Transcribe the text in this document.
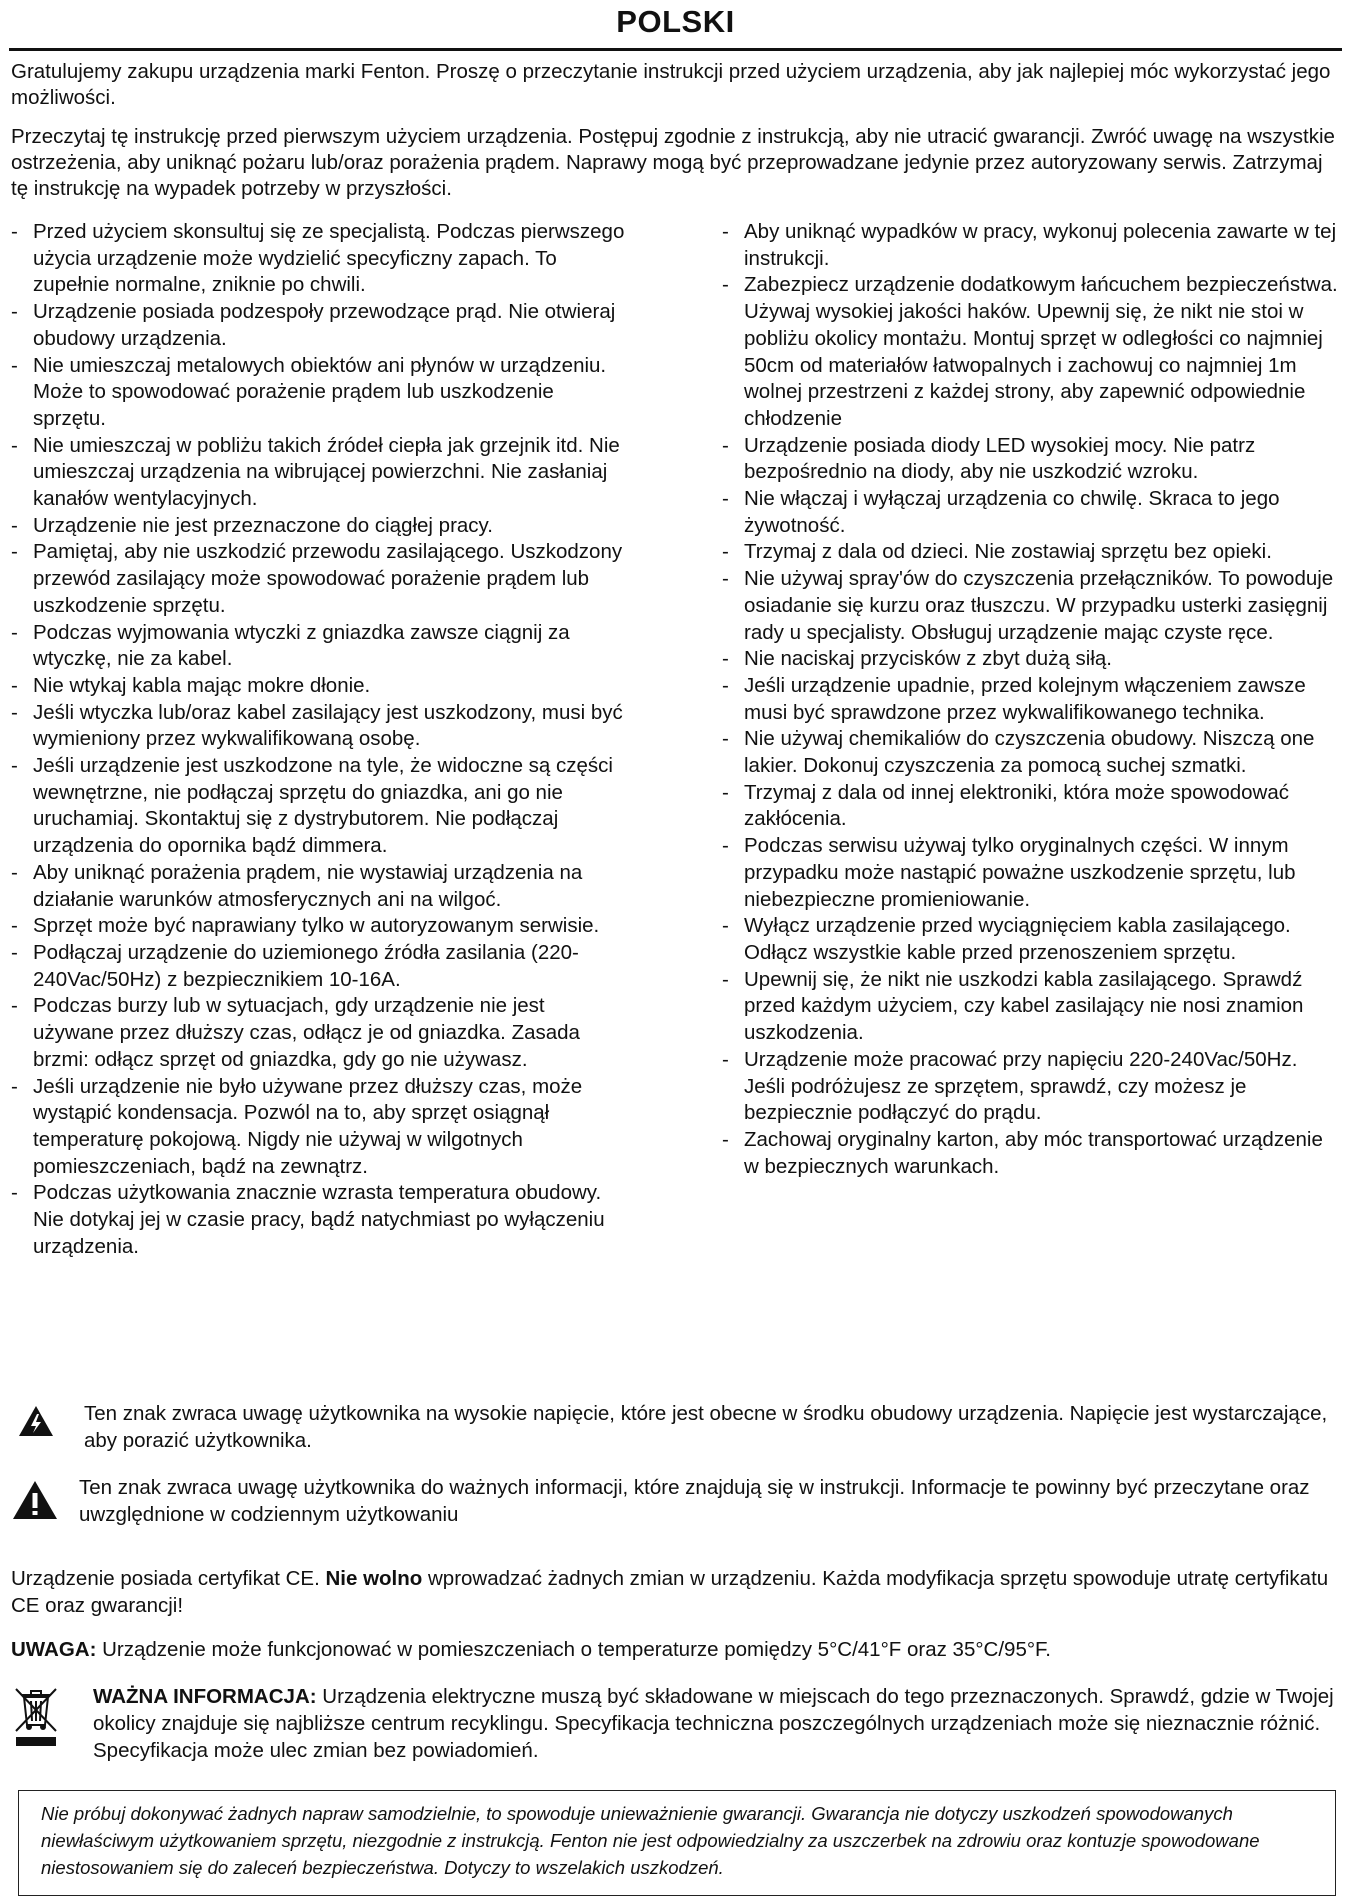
POLSKI
Gratulujemy zakupu urządzenia marki Fenton. Proszę o przeczytanie instrukcji przed użyciem urządzenia, aby jak najlepiej móc wykorzystać jego możliwości.
Przeczytaj tę instrukcję przed pierwszym użyciem urządzenia. Postępuj zgodnie z instrukcją, aby nie utracić gwarancji. Zwróć uwagę na wszystkie ostrzeżenia, aby uniknąć pożaru lub/oraz porażenia prądem. Naprawy mogą być przeprowadzane jedynie przez autoryzowany serwis. Zatrzymaj tę instrukcję na wypadek potrzeby w przyszłości.
- Przed użyciem skonsultuj się ze specjalistą. Podczas pierwszego użycia urządzenie może wydzielić specyficzny zapach. To zupełnie normalne, zniknie po chwili.
- Urządzenie posiada podzespoły przewodzące prąd. Nie otwieraj obudowy urządzenia.
- Nie umieszczaj metalowych obiektów ani płynów w urządzeniu. Może to spowodować porażenie prądem lub uszkodzenie sprzętu.
- Nie umieszczaj w pobliżu takich źródeł ciepła jak grzejnik itd. Nie umieszczaj urządzenia na wibrującej powierzchni. Nie zasłaniaj kanałów wentylacyjnych.
- Urządzenie nie jest przeznaczone do ciągłej pracy.
- Pamiętaj, aby nie uszkodzić przewodu zasilającego. Uszkodzony przewód zasilający może spowodować porażenie prądem lub uszkodzenie sprzętu.
- Podczas wyjmowania wtyczki z gniazdka zawsze ciągnij za wtyczkę, nie za kabel.
- Nie wtykaj kabla mając mokre dłonie.
- Jeśli wtyczka lub/oraz kabel zasilający jest uszkodzony, musi być wymieniony przez wykwalifikowaną osobę.
- Jeśli urządzenie jest uszkodzone na tyle, że widoczne są części wewnętrzne, nie podłączaj sprzętu do gniazdka, ani go nie uruchamiaj. Skontaktuj się z dystrybutorem. Nie podłączaj urządzenia do opornika bądź dimmera.
- Aby uniknąć porażenia prądem, nie wystawiaj urządzenia na działanie warunków atmosferycznych ani na wilgoć.
- Sprzęt może być naprawiany tylko w autoryzowanym serwisie.
- Podłączaj urządzenie do uziemionego źródła zasilania (220-240Vac/50Hz) z bezpiecznikiem 10-16A.
- Podczas burzy lub w sytuacjach, gdy urządzenie nie jest używane przez dłuższy czas, odłącz je od gniazdka. Zasada brzmi: odłącz sprzęt od gniazdka, gdy go nie używasz.
- Jeśli urządzenie nie było używane przez dłuższy czas, może wystąpić kondensacja. Pozwól na to, aby sprzęt osiągnął temperaturę pokojową. Nigdy nie używaj w wilgotnych pomieszczeniach, bądź na zewnątrz.
- Podczas użytkowania znacznie wzrasta temperatura obudowy. Nie dotykaj jej w czasie pracy, bądź natychmiast po wyłączeniu urządzenia.
- Aby uniknąć wypadków w pracy, wykonuj polecenia zawarte w tej instrukcji.
- Zabezpiecz urządzenie dodatkowym łańcuchem bezpieczeństwa. Używaj wysokiej jakości haków. Upewnij się, że nikt nie stoi w pobliżu okolicy montażu. Montuj sprzęt w odległości co najmniej 50cm od materiałów łatwopalnych i zachowuj co najmniej 1m wolnej przestrzeni z każdej strony, aby zapewnić odpowiednie chłodzenie
- Urządzenie posiada diody LED wysokiej mocy. Nie patrz bezpośrednio na diody, aby nie uszkodzić wzroku.
- Nie włączaj i wyłączaj urządzenia co chwilę. Skraca to jego żywotność.
- Trzymaj z dala od dzieci. Nie zostawiaj sprzętu bez opieki.
- Nie używaj spray'ów do czyszczenia przełączników. To powoduje osiadanie się kurzu oraz tłuszczu. W przypadku usterki zasięgnij rady u specjalisty. Obsługuj urządzenie mając czyste ręce.
- Nie naciskaj przycisków z zbyt dużą siłą.
- Jeśli urządzenie upadnie, przed kolejnym włączeniem zawsze musi być sprawdzone przez wykwalifikowanego technika.
- Nie używaj chemikaliów do czyszczenia obudowy. Niszczą one lakier. Dokonuj czyszczenia za pomocą suchej szmatki.
- Trzymaj z dala od innej elektroniki, która może spowodować zakłócenia.
- Podczas serwisu używaj tylko oryginalnych części. W innym przypadku może nastąpić poważne uszkodzenie sprzętu, lub niebezpieczne promieniowanie.
- Wyłącz urządzenie przed wyciągnięciem kabla zasilającego. Odłącz wszystkie kable przed przenoszeniem sprzętu.
- Upewnij się, że nikt nie uszkodzi kabla zasilającego. Sprawdź przed każdym użyciem, czy kabel zasilający nie nosi znamion uszkodzenia.
- Urządzenie może pracować przy napięciu 220-240Vac/50Hz. Jeśli podróżujesz ze sprzętem, sprawdź, czy możesz je bezpiecznie podłączyć do prądu.
- Zachowaj oryginalny karton, aby móc transportować urządzenie w bezpiecznych warunkach.
Ten znak zwraca uwagę użytkownika na wysokie napięcie, które jest obecne w środku obudowy urządzenia. Napięcie jest wystarczające, aby porazić użytkownika.
Ten znak zwraca uwagę użytkownika do ważnych informacji, które znajdują się w instrukcji. Informacje te powinny być przeczytane oraz uwzględnione w codziennym użytkowaniu
Urządzenie posiada certyfikat CE. Nie wolno wprowadzać żadnych zmian w urządzeniu. Każda modyfikacja sprzętu spowoduje utratę certyfikatu CE oraz gwarancji!
UWAGA: Urządzenie może funkcjonować w pomieszczeniach o temperaturze pomiędzy 5°C/41°F oraz 35°C/95°F.
WAŻNA INFORMACJA: Urządzenia elektryczne muszą być składowane w miejscach do tego przeznaczonych. Sprawdź, gdzie w Twojej okolicy znajduje się najbliższe centrum recyklingu. Specyfikacja techniczna poszczególnych urządzeniach może się nieznacznie różnić. Specyfikacja może ulec zmian bez powiadomień.
Nie próbuj dokonywać żadnych napraw samodzielnie, to spowoduje unieważnienie gwarancji. Gwarancja nie dotyczy uszkodzeń spowodowanych niewłaściwym użytkowaniem sprzętu, niezgodnie z instrukcją. Fenton nie jest odpowiedzialny za uszczerbek na zdrowiu oraz kontuzje spowodowane niestosowaniem się do zaleceń bezpieczeństwa. Dotyczy to wszelakich uszkodzeń.
